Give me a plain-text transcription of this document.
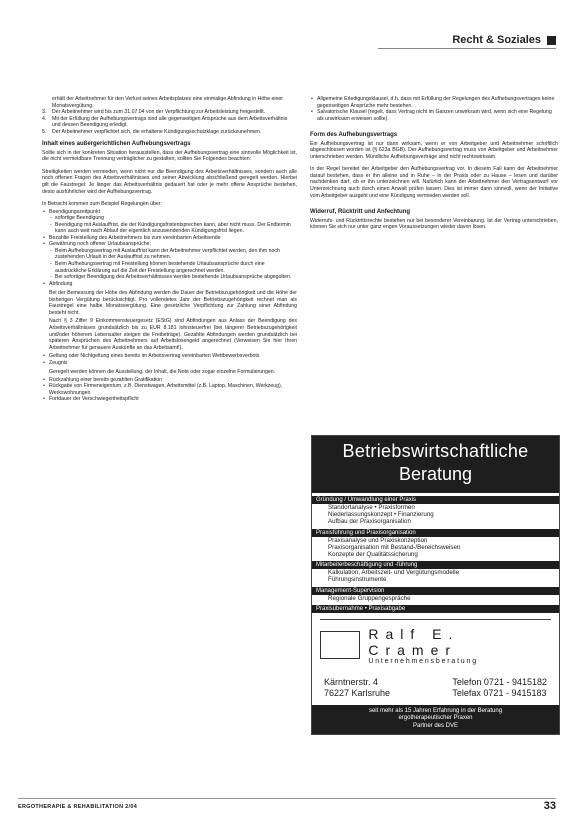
Recht & Soziales
erhält der Arbeitnehmer für den Verlust seines Arbeitsplatzes eine einmalige Abfindung in Höhe einer Monatsvergütung.
3.	Der Arbeitnehmer wird bis zum 31.07.04 von der Verpflichtung zur Arbeitsleistung freigestellt.
4.	Mit der Erfüllung der Aufhebungsvertrags sind alle gegenseitigen Ansprüche aus dem Arbeitsverhältnis und dessen Beendigung erledigt.
5.	Der Arbeitnehmer verpflichtet sich, die erhaltene Kündigungsschutzklage zurückzunehmen.
Inhalt eines außergerichtlichen Aufhebungsvertrags

Sollte sich in der konkreten Situation herausstellen, dass der Aufhebungsvertrag eine sinnvolle Möglichkeit ist, die nicht vermeidbare Trennung verträglicher zu gestalten, sollten Sie Folgendes beachten:

Streitigkeiten werden vermieden, wenn nicht nur die Beendigung des Arbeitsverhältnisses, sondern auch alle noch offenen Fragen des Arbeitsverhältnisses und seiner Abwicklung abschließend geregelt werden. Hierbei gilt die Faustregel: Je länger das Arbeitsverhältnis gedauert hat oder je mehr offene Ansprüche bestehen, desto ausführlicher wird der Aufhebungsvertrag.

In Betracht kommen zum Beispiel Regelungen über:

• Beendigungszeitpunkt
- sofortige Beendigung
- Beendigung mit Auslauffrist, die der Kündigungsfristentsprechen kann, aber nicht muss. Der Endtermin kann auch weit nach Ablauf der eigentlich anzuwendenden Kündigungsfrist liegen.
• Bezahlte Freistellung des Arbeitnehmers bis zum vereinbarten Arbeitsende
• Gewährung noch offener Urlaubsansprüche:
- Beim Aufhebungsvertrag mit Auslauffrist kann der Arbeitnehmer verpflichtet werden, den ihm noch zustehenden Urlaub in der Auslauffrist zu nehmen.
- Beim Aufhebungsvertrag mit Freistellung können bestehende Urlaubsansprüche durch eine ausdrückliche Erklärung auf die Zeit der Freistellung angerechnet werden.
- Bei sofortiger Beendigung des Arbeitsverhältnisses werden bestehende Urlaubsansprüche abgegolten.
• Abfindung

Bei der Bemessung der Höhe des Abfindung werden die Dauer der Betriebszugehörigkeit und die Höhe der bisherigen Vergütung berücksichtigt. Pro vollendetes Jahr der Betriebszugehörigkeit rechnet man als Faustregel eine halbe Monatsvergütung. Eine gesetzliche Verpflichtung zur Zahlung einer Abfindung besteht nicht.

Nach § 3 Ziffer 9 Einkommensteuergesetz (EStG) sind Abfindungen aus Anlass der Beendigung des Arbeitsverhältnisses grundsätzlich bis zu EUR 8.181 lohnsteuerfrei (bei längerer Betriebszugehörigkeit und/oder höherem Lebensalter steigen die Freibeträge). Gezahlte Abfindungen werden grundsätzlich bei späteren Ansprüchen des Arbeitnehmers auf Arbeitslosengeld angerechnet (Verweisen Sie hier Ihren Arbeitnehmer für genauere Auskünfte an das Arbeitsamt!).

• Geltung oder Nichtgeltung eines bereits im Arbeitsvertrag vereinbarten Wettbewerbsverbots
• Zeugnis

Geregelt werden können die Ausstellung, der Inhalt, die Note oder sogar einzelne Formulierungen.

• Rückzahlung einer bereits gezahlten Gratifikation
• Rückgabe von Firmeneigentum, z.B. Dienstwagen, Arbeitsmittel (z.B. Laptop, Maschinen, Werkzeug), Werkswohnungen
• Fortdauer der Verschwiegenheitspflicht
• Allgemeine Erledigungsklausel, d.h. dass mit Erfüllung der Regelungen des Aufhebungsvertrages keine gegenseitigen Ansprüche mehr bestehen.
• Salvatorische Klausel (regelt, dass Vertrag nicht im Ganzen unwirksam wird, wenn sich eine Regelung als unwirksam erweisen sollte).
Form des Aufhebungsvertrags

Ein Aufhebungsvertrag ist nur dann wirksam, wenn er von Arbeitgeber und Arbeitnehmer schriftlich abgeschlossen worden ist (§ 623a BGB). Der Aufhebungsvertrag muss von Arbeitgeber und Arbeitnehmer unterschrieben werden. Mündliche Aufhebungsverträge sind nicht rechtswirksam.

In der Regel bereitet der Arbeitgeber den Aufhebungsvertrag vor. In diesem Fall kann der Arbeitnehmer darauf bestehen, dass er ihn alleine und in Ruhe – in der Praxis oder zu Hause – lesen und darüber nachdenken darf, ob er ihn unterzeichnen will. Natürlich kann der Arbeitnehmer den Vertragsentwurf vor Unterzeichnung auch durch einen Anwalt prüfen lassen. Dies ist immer dann sinnvoll, wenn der Initiative vom Arbeitgeber ausgeht und eine Kündigung vermieden werden soll.

Widerruf, Rücktritt und Anfechtung

Widerrufs- und Rücktrittsrechte bestehen nur bei besonderer Vereinbarung. Ist der Vertrag unterschrieben, können Sie sich nur unter ganz engen Voraussetzungen wieder davon lösen.

Betriebswirtschaftliche
Beratung
Gründung / Umwandlung einer Praxis
Standortanalyse • Praxisformen
Niederlassungskonzept • Finanzierung
Aufbau der Praxisorganisation
Praxisführung und Praxisorganisation
Praxisanalyse und Praxiskonzeption
Praxisorganisation mit Bestand-/Bereichsweisen
Konzepte der Qualitätssicherung
Mitarbeiterbeschäftigung und -führung
Kalkulation, Arbeitszeit- und Vergütungsmodelle
Führungsinstrumente
Management-Supervision
Regionale Gruppengespräche
Praxisübernahme • Praxisabgabe
Ralf E. Cramer
Unternehmensberatung
Kärntnerstr. 4
76227 Karlsruhe
Telefon 0721 - 9415182
Telefax 0721 - 9415183
seit mehr als 15 Jahren Erfahrung in der Beratung
ergotherapeutischer Praxen
Partner des DVE
ERGOTHERAPIE & REHABILITATION 2/04	33
